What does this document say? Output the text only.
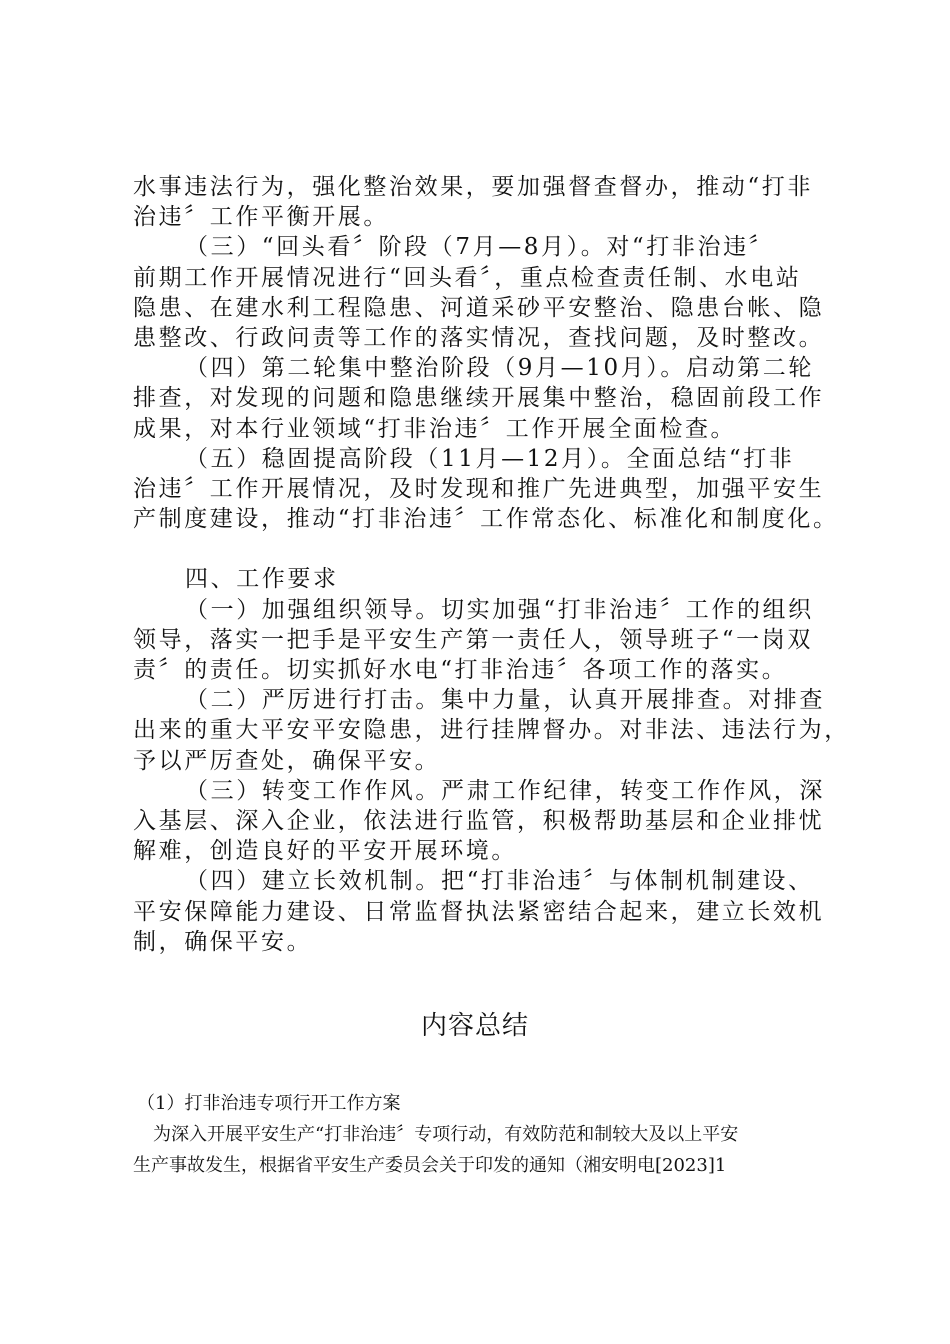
水事违法行为，强化整治效果，要加强督查督办，推动“打非
治违〞工作平衡开展。
（三）“回头看〞阶段（7月—8月）。对“打非治违〞
前期工作开展情况进行“回头看〞，重点检查责任制、水电站
隐患、在建水利工程隐患、河道采砂平安整治、隐患台帐、隐
患整改、行政问责等工作的落实情况，查找问题，及时整改。
（四）第二轮集中整治阶段（9月—10月）。启动第二轮
排查，对发现的问题和隐患继续开展集中整治，稳固前段工作
成果，对本行业领域“打非治违〞工作开展全面检查。
（五）稳固提高阶段（11月—12月）。全面总结“打非
治违〞工作开展情况，及时发现和推广先进典型，加强平安生
产制度建设，推动“打非治违〞工作常态化、标准化和制度化。
四、工作要求
（一）加强组织领导。切实加强“打非治违〞工作的组织
领导，落实一把手是平安生产第一责任人，领导班子“一岗双
责〞的责任。切实抓好水电“打非治违〞各项工作的落实。
（二）严厉进行打击。集中力量，认真开展排查。对排查
出来的重大平安平安隐患，进行挂牌督办。对非法、违法行为，
予以严厉查处，确保平安。
（三）转变工作作风。严肃工作纪律，转变工作作风，深
入基层、深入企业，依法进行监管，积极帮助基层和企业排忧
解难，创造良好的平安开展环境。
（四）建立长效机制。把“打非治违〞与体制机制建设、
平安保障能力建设、日常监督执法紧密结合起来，建立长效机
制，确保平安。
内容总结
（1）打非治违专项行开工作方案
为深入开展平安生产“打非治违〞专项行动，有效防范和制较大及以上平安
生产事故发生，根据省平安生产委员会关于印发的通知（湘安明电[2023]1
